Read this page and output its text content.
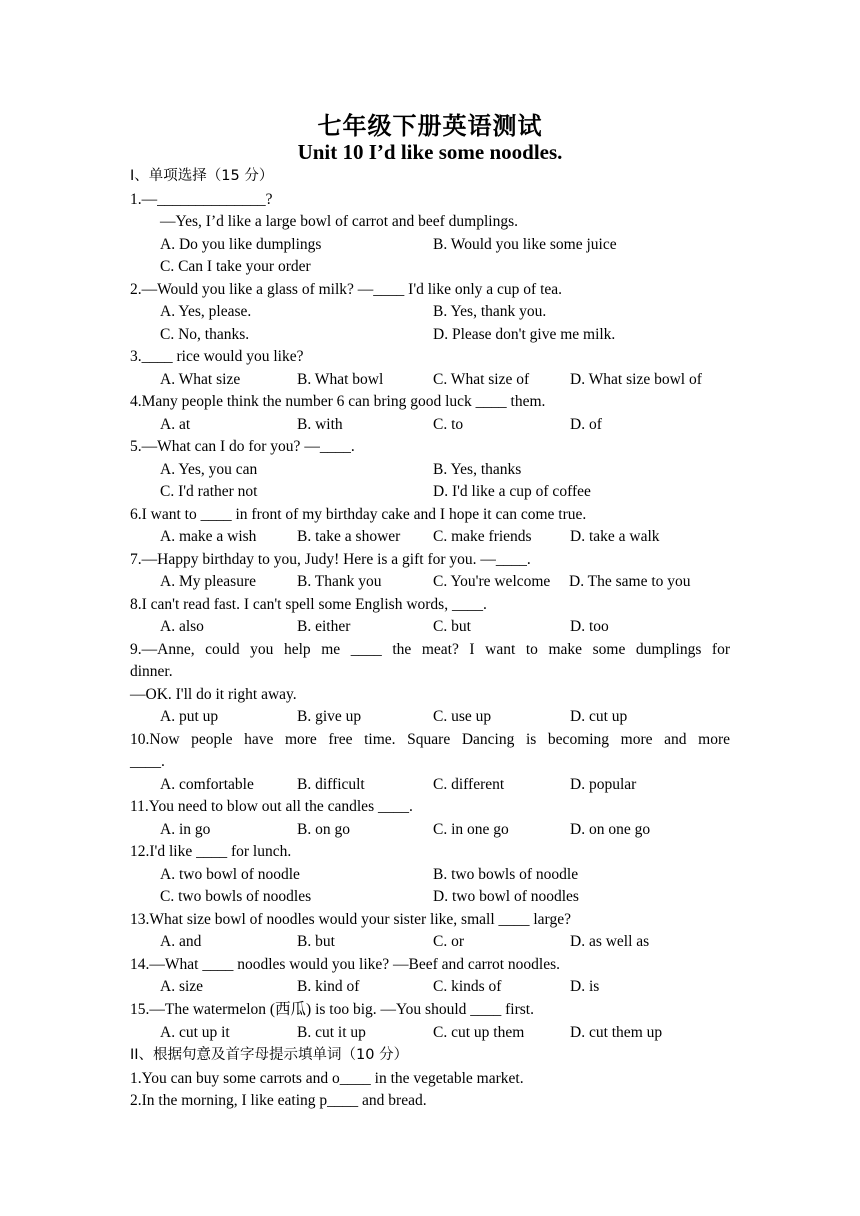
七年级下册英语测试
Unit 10 I’d like some noodles.
I、单项选择（15 分）
1.—______________?
—Yes, I’d like a large bowl of carrot and beef dumplings.
A. Do you like dumplings	B. Would you like some juice
C. Can I take your order
2.—Would you like a glass of milk? —____ I'd like only a cup of tea.
A. Yes, please.	B. Yes, thank you.
C. No, thanks.	D. Please don't give me milk.
3.____ rice would you like?
A. What size	B. What bowl	C. What size of	D. What size bowl of
4.Many people think the number 6 can bring good luck ____ them.
A. at	B. with	C. to	D. of
5.—What can I do for you? —____.
A. Yes, you can	B. Yes, thanks
C. I'd rather not	D. I'd like a cup of coffee
6.I want to ____ in front of my birthday cake and I hope it can come true.
A. make a wish	B. take a shower C. make friends D. take a walk
7.—Happy birthday to you, Judy! Here is a gift for you. —____.
A. My pleasure	B. Thank you	C. You're welcome D. The same to you
8.I can't read fast. I can't spell some English words, ____.
A. also	B. either	C. but	D. too
9.—Anne, could you help me ____ the meat? I want to make some dumplings for
dinner.
—OK. I'll do it right away.
A. put up	B. give up	C. use up	D. cut up
10.Now people have more free time. Square Dancing is becoming more and more
____.
A. comfortable	B. difficult	C. different	D. popular
11.You need to blow out all the candles ____.
A. in go	B. on go	C. in one go	D. on one go
12.I'd like ____ for lunch.
A. two bowl of noodle	B. two bowls of noodle
C. two bowls of noodles	D. two bowl of noodles
13.What size bowl of noodles would your sister like, small ____ large?
A. and	B. but	C. or	D. as well as
14.—What ____ noodles would you like? —Beef and carrot noodles.
A. size	B. kind of	C. kinds of	D. is
15.—The watermelon (西瓜) is too big. —You should ____ first.
A. cut up it	B. cut it up	C. cut up them	D. cut them up
II、根据句意及首字母提示填单词（10 分）
1.You can buy some carrots and o____ in the vegetable market.
2.In the morning, I like eating p____ and bread.
